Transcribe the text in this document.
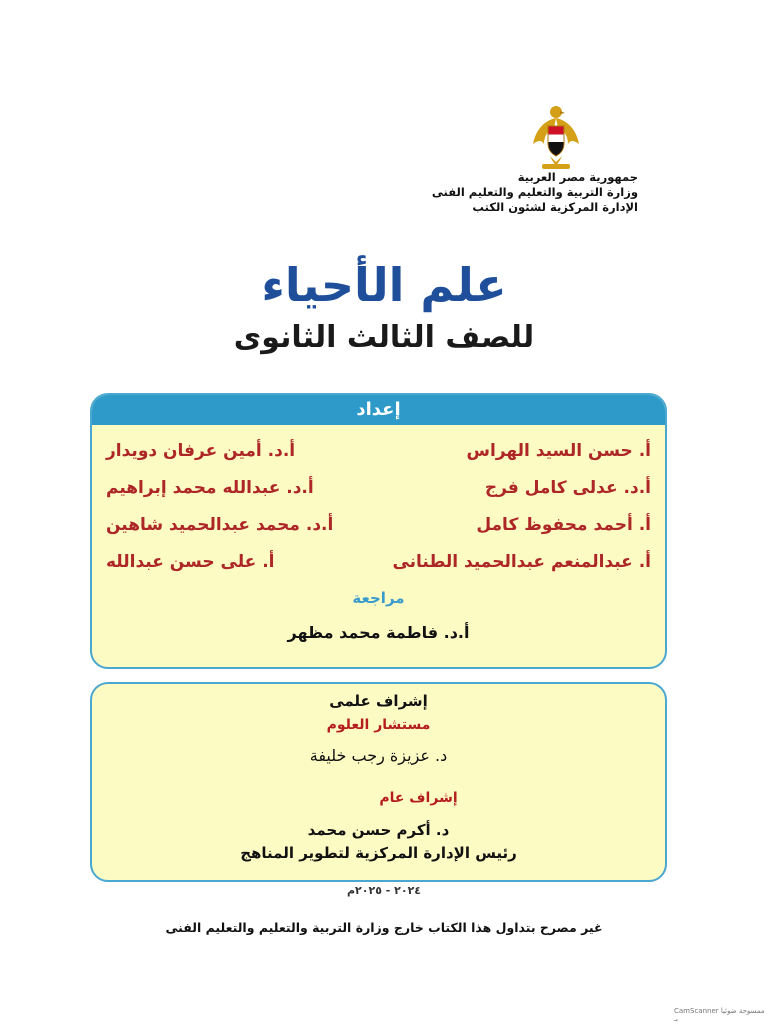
جمهورية مصر العربية
وزارة التربية والتعليم والتعليم الفنى
الإدارة المركزية لشئون الكتب
علم الأحياء
للصف الثالث الثانوى
إعداد
أ. حسن السيد الهراس
أ.د. أمين عرفان دويدار
أ.د. عدلى كامل فرج
أ.د. عبدالله محمد إبراهيم
أ. أحمد محفوظ كامل
أ.د. محمد عبدالحميد شاهين
أ. عبدالمنعم عبدالحميد الطنانى
أ. على حسن عبدالله
مراجعة
أ.د. فاطمة محمد مظهر
إشراف علمى
مستشار العلوم
د. عزيزة رجب خليفة
إشراف عام
د. أكرم حسن محمد
رئيس الإدارة المركزية لتطوير المناهج
٢٠٢٤ - ٢٠٢٥م
غير مصرح بتداول هذا الكتاب خارج وزارة التربية والتعليم والتعليم الفنى
CamScanner ممسوحة ضوئيا بـ
